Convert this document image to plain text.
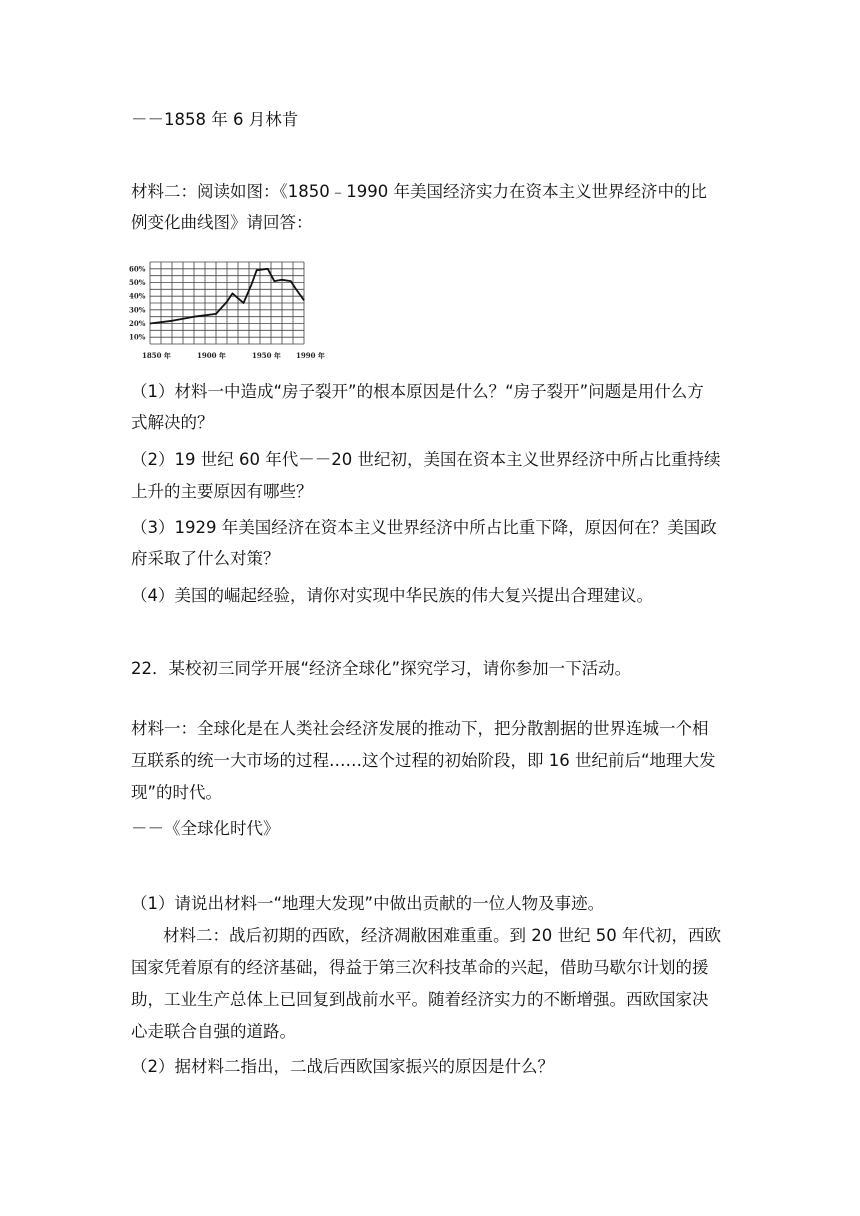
－－1858 年 6 月林肯
材料二：阅读如图：《1850﹣1990 年美国经济实力在资本主义世界经济中的比
例变化曲线图》请回答：
60%
50%
40%
30%
20%
10%
1850 年	1900 年	1950 年 1990 年
（1）材料一中造成“房子裂开”的根本原因是什么？“房子裂开”问题是用什么方
式解决的？
（2）19 世纪 60 年代－－20 世纪初，美国在资本主义世界经济中所占比重持续
上升的主要原因有哪些？
（3）1929 年美国经济在资本主义世界经济中所占比重下降，原因何在？美国政
府采取了什么对策？
（4）美国的崛起经验，请你对实现中华民族的伟大复兴提出合理建议。
22．某校初三同学开展“经济全球化”探究学习，请你参加一下活动。
材料一：全球化是在人类社会经济发展的推动下，把分散割据的世界连城一个相
互联系的统一大市场的过程……这个过程的初始阶段，即 16 世纪前后“地理大发
现”的时代。
－－《全球化时代》
（1）请说出材料一“地理大发现”中做出贡献的一位人物及事迹。
材料二：战后初期的西欧，经济凋敝困难重重。到 20 世纪 50 年代初，西欧
国家凭着原有的经济基础，得益于第三次科技革命的兴起，借助马歇尔计划的援
助，工业生产总体上已回复到战前水平。随着经济实力的不断增强。西欧国家决
心走联合自强的道路。
（2）据材料二指出，二战后西欧国家振兴的原因是什么？
